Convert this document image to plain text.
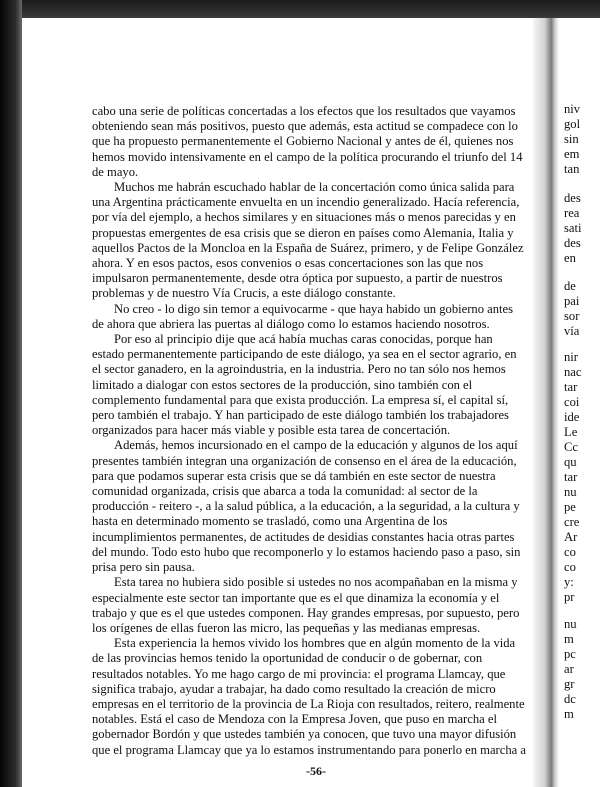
cabo una serie de políticas concertadas a los efectos que los resultados que vayamos obteniendo sean más positivos, puesto que además, esta actitud se compadece con lo que ha propuesto permanentemente el Gobierno Nacional y antes de él, quienes nos hemos movido intensivamente en el campo de la política procurando el triunfo del 14 de mayo.

Muchos me habrán escuchado hablar de la concertación como única salida para una Argentina prácticamente envuelta en un incendio generalizado. Hacía referencia, por vía del ejemplo, a hechos similares y en situaciones más o menos parecidas y en propuestas emergentes de esa crisis que se dieron en países como Alemania, Italia y aquellos Pactos de la Moncloa en la España de Suárez, primero, y de Felipe González ahora. Y en esos pactos, esos convenios o esas concertaciones son las que nos impulsaron permanentemente, desde otra óptica por supuesto, a partir de nuestros problemas y de nuestro Vía Crucis, a este diálogo constante.

No creo - lo digo sin temor a equivocarme - que haya habido un gobierno antes de ahora que abriera las puertas al diálogo como lo estamos haciendo nosotros.

Por eso al principio dije que acá había muchas caras conocidas, porque han estado permanentemente participando de este diálogo, ya sea en el sector agrario, en el sector ganadero, en la agroindustria, en la industria. Pero no tan sólo nos hemos limitado a dialogar con estos sectores de la producción, sino también con el complemento fundamental para que exista producción. La empresa sí, el capital sí, pero también el trabajo. Y han participado de este diálogo también los trabajadores organizados para hacer más viable y posible esta tarea de concertación.

Además, hemos incursionado en el campo de la educación y algunos de los aquí presentes también integran una organización de consenso en el área de la educación, para que podamos superar esta crisis que se dá también en este sector de nuestra comunidad organizada, crisis que abarca a toda la comunidad: al sector de la producción - reitero -, a la salud pública, a la educación, a la seguridad, a la cultura y hasta en determinado momento se trasladó, como una Argentina de los incumplimientos permanentes, de actitudes de desidias constantes hacia otras partes del mundo. Todo esto hubo que recomponerlo y lo estamos haciendo paso a paso, sin prisa pero sin pausa.

Esta tarea no hubiera sido posible si ustedes no nos acompañaban en la misma y especialmente este sector tan importante que es el que dinamiza la economía y el trabajo y que es el que ustedes componen. Hay grandes empresas, por supuesto, pero los orígenes de ellas fueron las micro, las pequeñas y las medianas empresas.

Esta experiencia la hemos vivido los hombres que en algún momento de la vida de las provincias hemos tenido la oportunidad de conducir o de gobernar, con resultados notables. Yo me hago cargo de mi provincia: el programa Llamcay, que significa trabajo, ayudar a trabajar, ha dado como resultado la creación de micro empresas en el territorio de la provincia de La Rioja con resultados, reitero, realmente notables. Está el caso de Mendoza con la Empresa Joven, que puso en marcha el gobernador Bordón y que ustedes también ya conocen, que tuvo una mayor difusión que el programa Llamcay que ya lo estamos instrumentando para ponerlo en marcha a

-56-
niv
gol
sin
em
tan
des
rea
sati
des
en
de
pai
sor
vía
nir
nac
tar
coi
ide
Le
Cc
qu
tar
nu
pe
cre
Ar
co
co
y:
pr
nu
m
pc
ar
gr
dc
m
